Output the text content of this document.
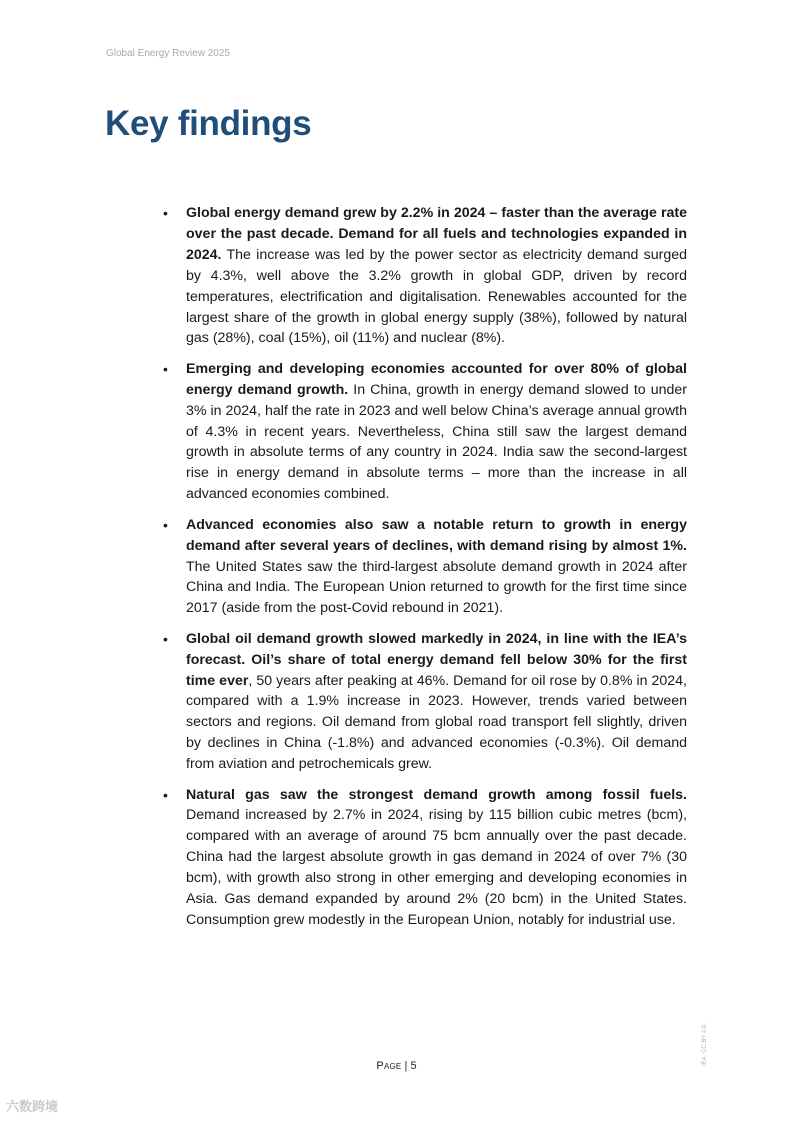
Global Energy Review 2025
Key findings
• Global energy demand grew by 2.2% in 2024 – faster than the average rate over the past decade. Demand for all fuels and technologies expanded in 2024. The increase was led by the power sector as electricity demand surged by 4.3%, well above the 3.2% growth in global GDP, driven by record temperatures, electrification and digitalisation. Renewables accounted for the largest share of the growth in global energy supply (38%), followed by natural gas (28%), coal (15%), oil (11%) and nuclear (8%).
• Emerging and developing economies accounted for over 80% of global energy demand growth. In China, growth in energy demand slowed to under 3% in 2024, half the rate in 2023 and well below China’s average annual growth of 4.3% in recent years. Nevertheless, China still saw the largest demand growth in absolute terms of any country in 2024. India saw the second-largest rise in energy demand in absolute terms – more than the increase in all advanced economies combined.
• Advanced economies also saw a notable return to growth in energy demand after several years of declines, with demand rising by almost 1%. The United States saw the third-largest absolute demand growth in 2024 after China and India. The European Union returned to growth for the first time since 2017 (aside from the post-Covid rebound in 2021).
• Global oil demand growth slowed markedly in 2024, in line with the IEA’s forecast. Oil’s share of total energy demand fell below 30% for the first time ever, 50 years after peaking at 46%. Demand for oil rose by 0.8% in 2024, compared with a 1.9% increase in 2023. However, trends varied between sectors and regions. Oil demand from global road transport fell slightly, driven by declines in China (-1.8%) and advanced economies (-0.3%). Oil demand from aviation and petrochemicals grew.
• Natural gas saw the strongest demand growth among fossil fuels. Demand increased by 2.7% in 2024, rising by 115 billion cubic metres (bcm), compared with an average of around 75 bcm annually over the past decade. China had the largest absolute growth in gas demand in 2024 of over 7% (30 bcm), with growth also strong in other emerging and developing economies in Asia. Gas demand expanded by around 2% (20 bcm) in the United States. Consumption grew modestly in the European Union, notably for industrial use.
Page | 5	IEA. CC BY 4.0.
六数跨境
